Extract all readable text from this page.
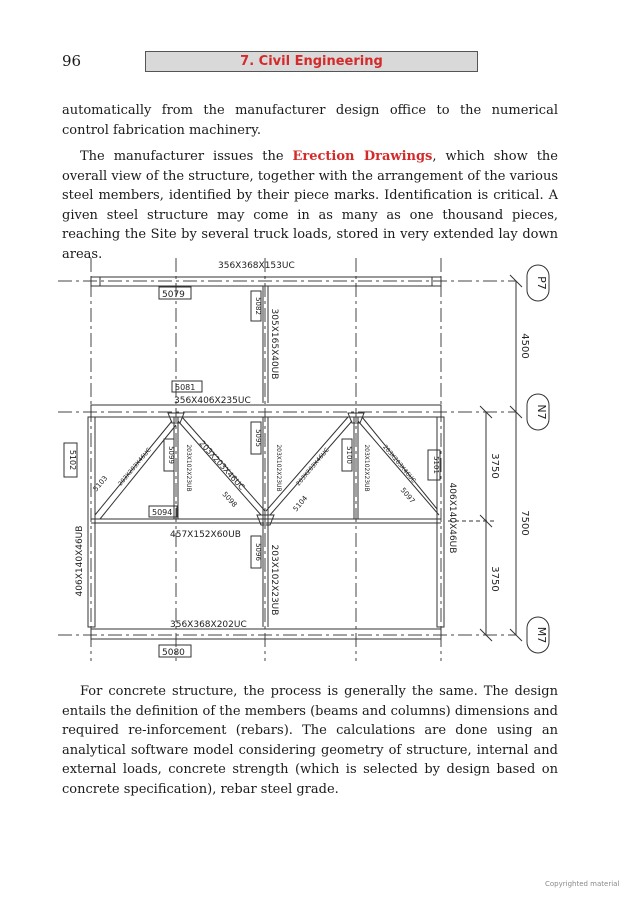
96	7. Civil Engineering

automatically from the manufacturer design office to the numerical control fabrication machinery.

The manufacturer issues the Erection Drawings, which show the overall view of the structure, together with the arrangement of the various steel members, identified by their piece marks. Identification is critical. A given steel structure may come in as many as one thousand pieces, reaching the Site by several truck loads, stored in very extended lay down areas.

P7
N7
M7
4500
7500
3750
3750
356X368X153UC
356X406X235UC
356X368X202UC
457X152X60UB
305X165X40UB
406X140X46UB
406X140X46UB
203X102X23UB
203X203X46UC
203X203X46UC	203X203X46UC
203X203X46UC
203X102X23UB	203X102X23UB	203X102X23UB
5079
5080
5081
5102
5094
5082
5095
5096
5099	5100
5101
5103
5098	5104	5097

For concrete structure, the process is generally the same. The design entails the definition of the members (beams and columns) dimensions and required re-inforcement (rebars). The calculations are done using an analytical software model considering geometry of structure, internal and external loads, concrete strength (which is selected by design based on concrete specification), rebar steel grade.

Copyrighted material
